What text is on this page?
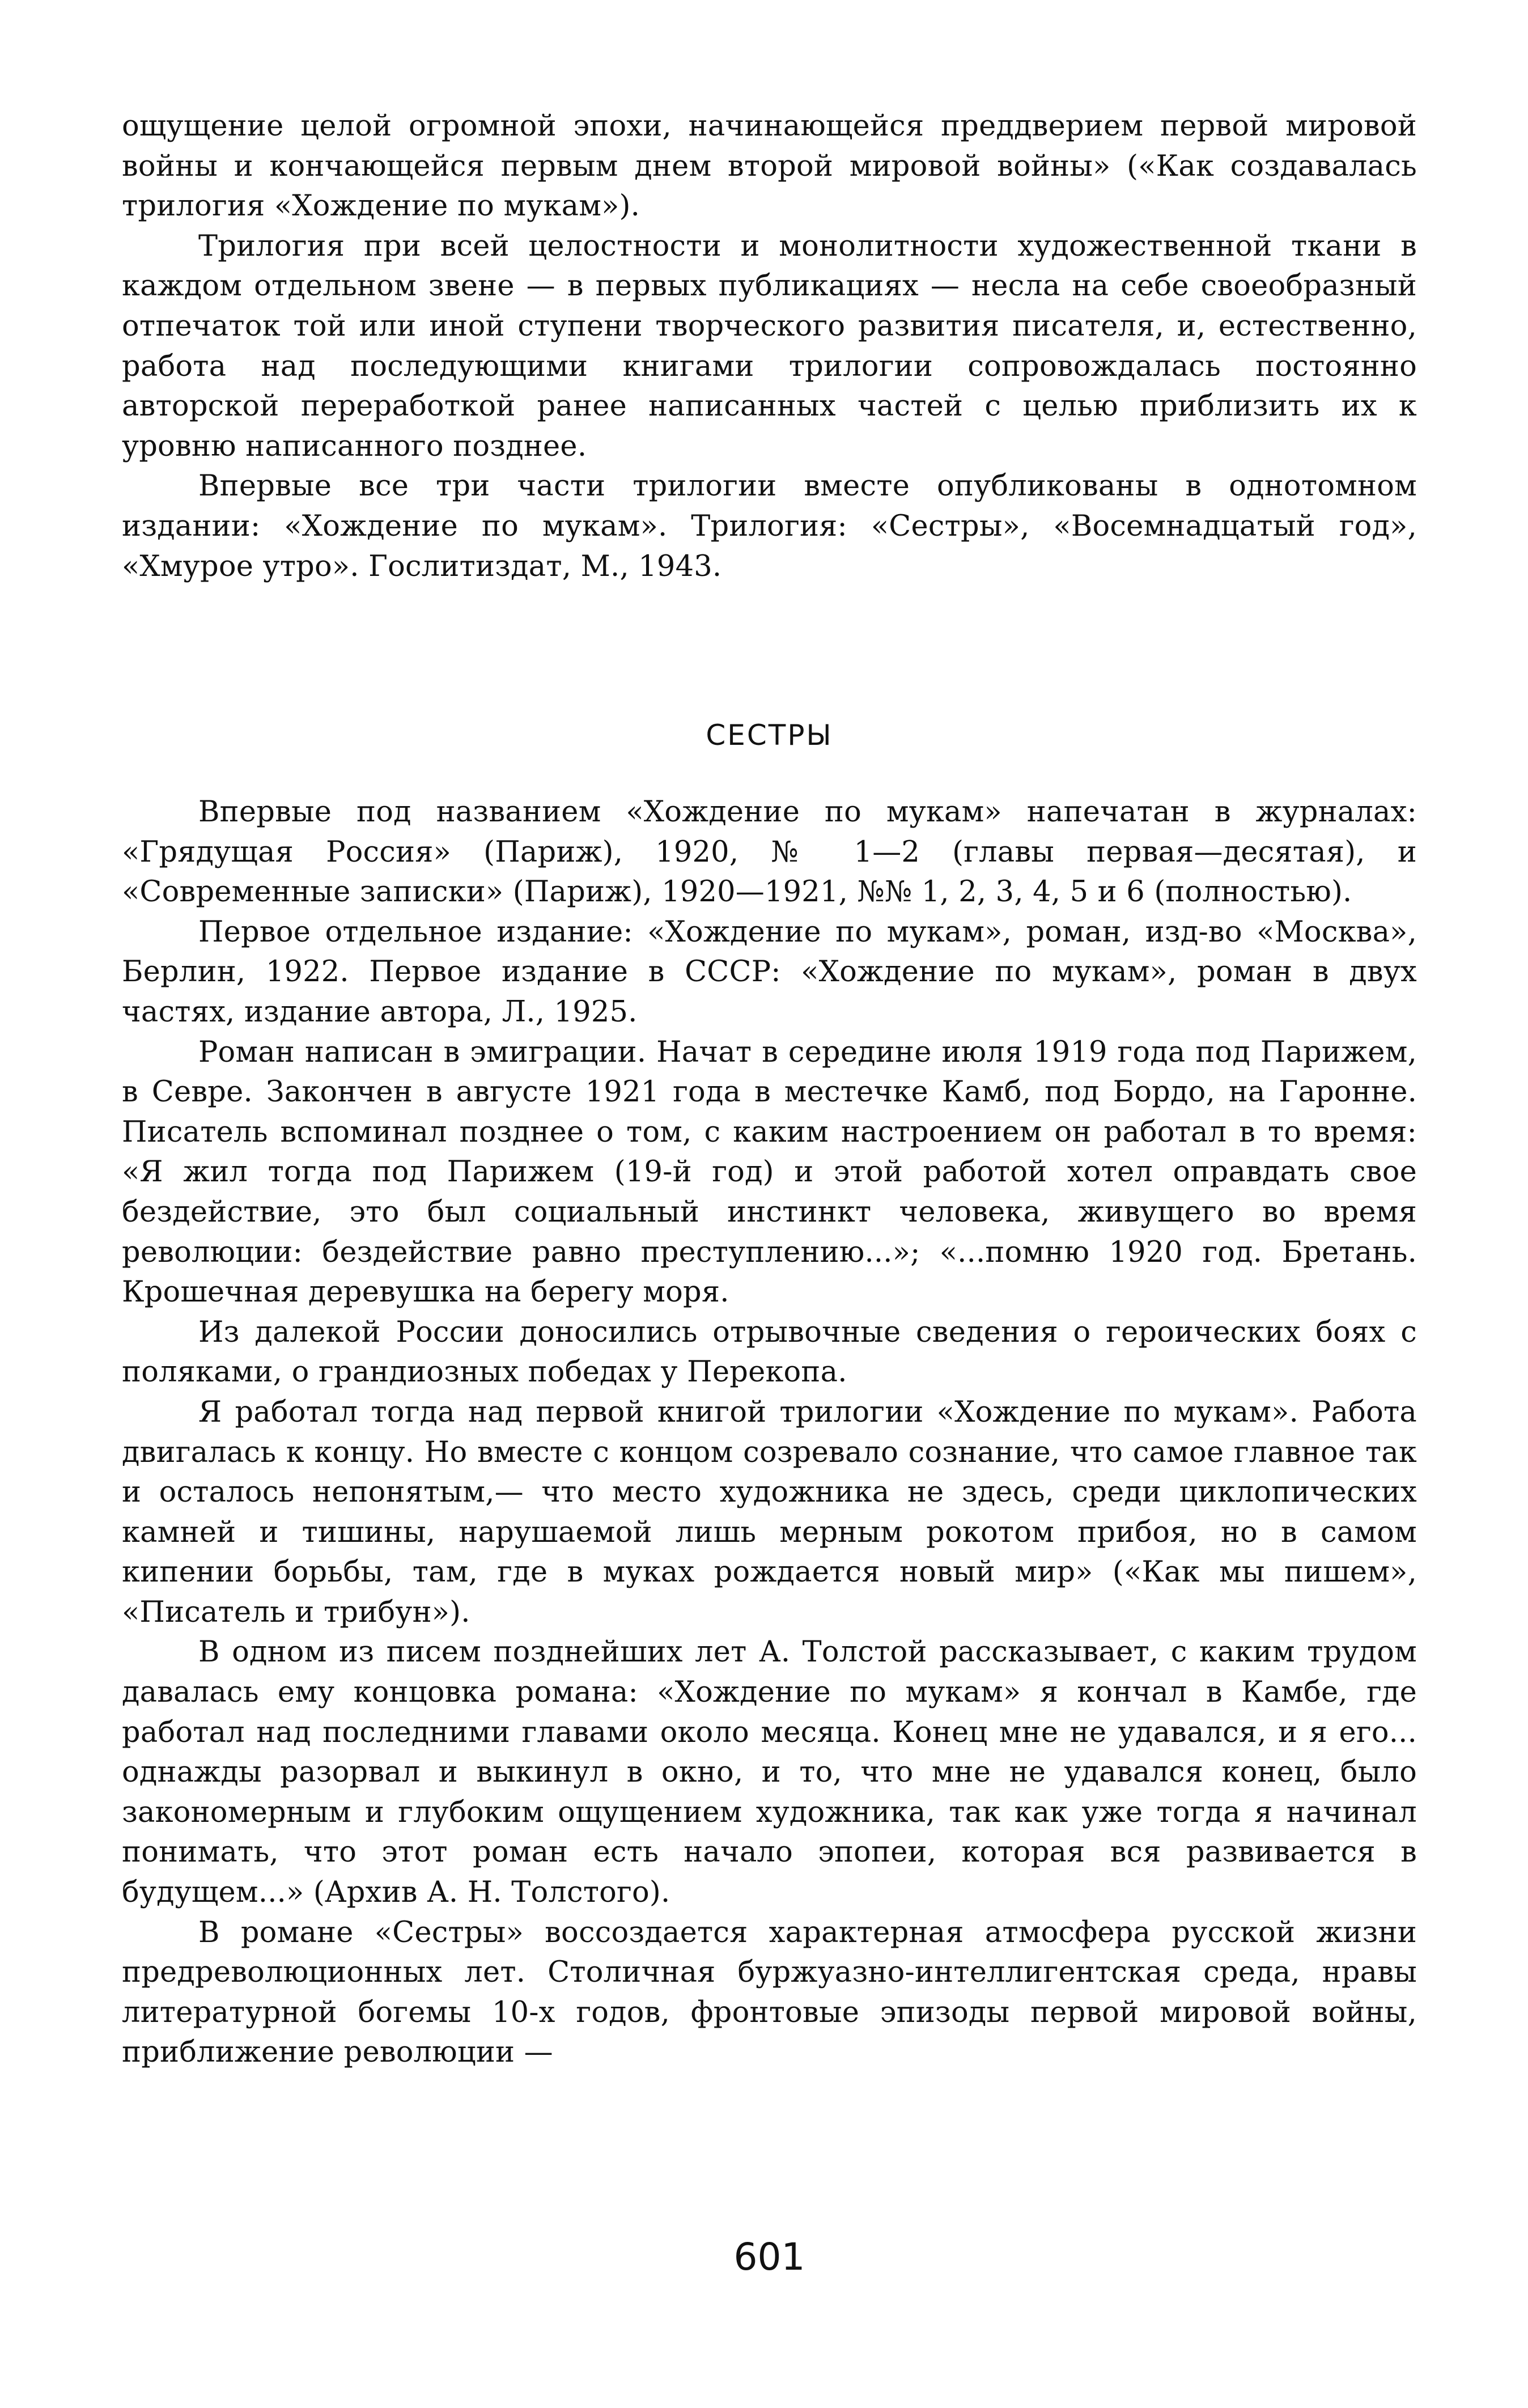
ощущение целой огромной эпохи, начинающейся преддверием первой мировой войны и кончающейся первым днем второй мировой войны» («Как создавалась трилогия «Хождение по мукам»).

Трилогия при всей целостности и монолитности художественной ткани в каждом отдельном звене — в первых публикациях — несла на себе своеобразный отпечаток той или иной ступени творческого развития писателя, и, естественно, работа над последующими книгами трилогии сопровождалась постоянно авторской переработкой ранее написанных частей с целью приблизить их к уровню написанного позднее.

Впервые все три части трилогии вместе опубликованы в однотомном издании: «Хождение по мукам». Трилогия: «Сестры», «Восемнадцатый год», «Хмурое утро». Гослитиздат, М., 1943.

СЕСТРЫ

Впервые под названием «Хождение по мукам» напечатан в журналах: «Грядущая Россия» (Париж), 1920, № 1—2 (главы первая—десятая), и «Современные записки» (Париж), 1920—1921, №№ 1, 2, 3, 4, 5 и 6 (полностью).

Первое отдельное издание: «Хождение по мукам», роман, изд-во «Москва», Берлин, 1922. Первое издание в СССР: «Хождение по мукам», роман в двух частях, издание автора, Л., 1925.

Роман написан в эмиграции. Начат в середине июля 1919 года под Парижем, в Севре. Закончен в августе 1921 года в местечке Камб, под Бордо, на Гаронне. Писатель вспоминал позднее о том, с каким настроением он работал в то время: «Я жил тогда под Парижем (19-й год) и этой работой хотел оправдать свое бездействие, это был социальный инстинкт человека, живущего во время революции: бездействие равно преступлению...»; «...помню 1920 год. Бретань. Крошечная деревушка на берегу моря.

Из далекой России доносились отрывочные сведения о героических боях с поляками, о грандиозных победах у Перекопа.

Я работал тогда над первой книгой трилогии «Хождение по мукам». Работа двигалась к концу. Но вместе с концом созревало сознание, что самое главное так и осталось непонятым,— что место художника не здесь, среди циклопических камней и тишины, нарушаемой лишь мерным рокотом прибоя, но в самом кипении борьбы, там, где в муках рождается новый мир» («Как мы пишем», «Писатель и трибун»).

В одном из писем позднейших лет А. Толстой рассказывает, с каким трудом давалась ему концовка романа: «Хождение по мукам» я кончал в Камбе, где работал над последними главами около месяца. Конец мне не удавался, и я его... однажды разорвал и выкинул в окно, и то, что мне не удавался конец, было закономерным и глубоким ощущением художника, так как уже тогда я начинал понимать, что этот роман есть начало эпопеи, которая вся развивается в будущем...» (Архив А. Н. Толстого).

В романе «Сестры» воссоздается характерная атмосфера русской жизни предреволюционных лет. Столичная буржуазно-интеллигентская среда, нравы литературной богемы 10-х годов, фронтовые эпизоды первой мировой войны, приближение революции —

601
